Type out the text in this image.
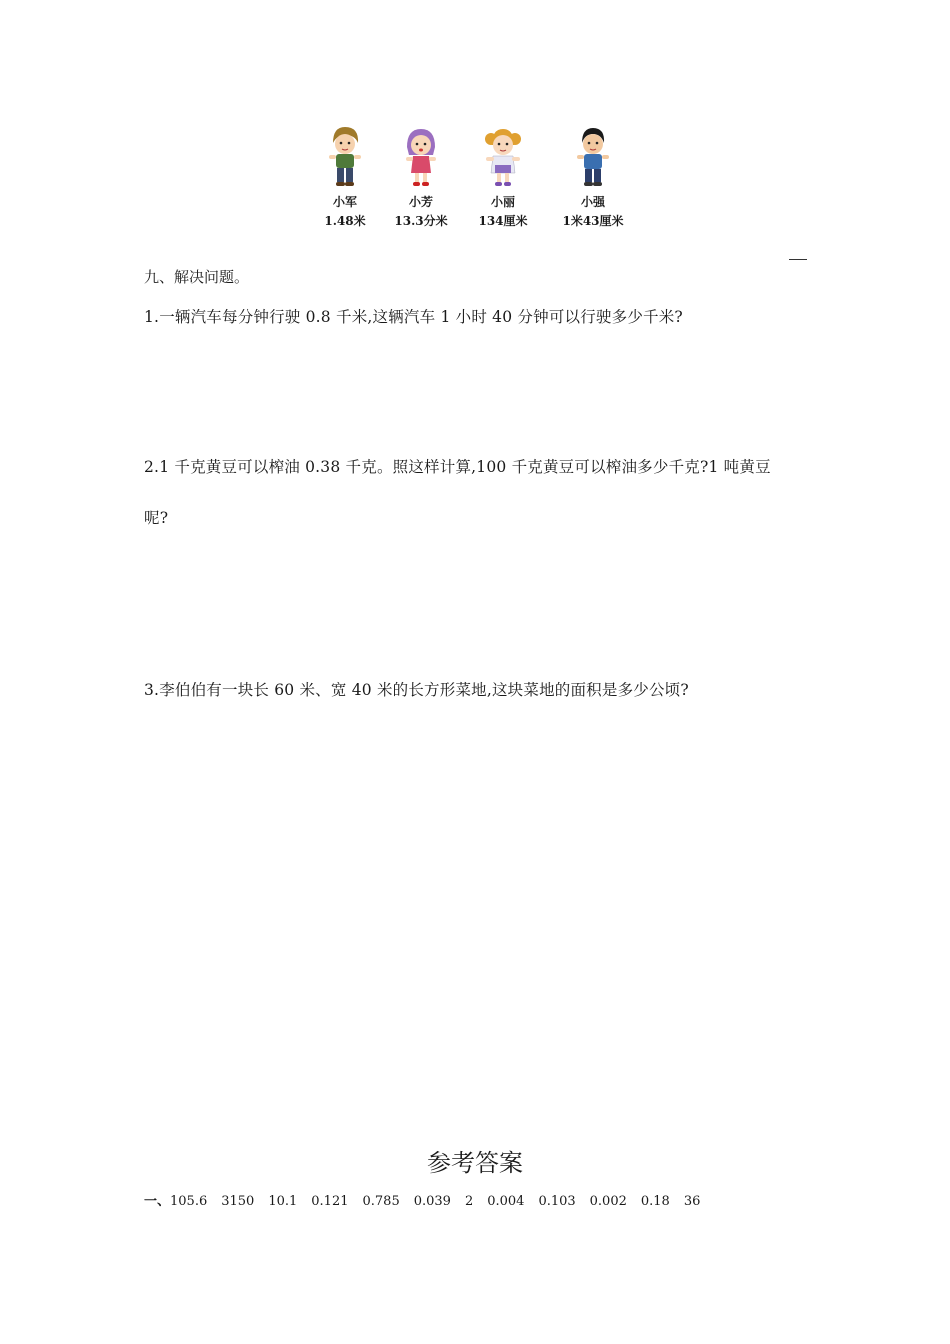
小军
1.48米
小芳
13.3分米
小丽
134厘米
小强
1米43厘米
九、解决问题。
1.一辆汽车每分钟行驶 0.8 千米,这辆汽车 1 小时 40 分钟可以行驶多少千米?
2.1 千克黄豆可以榨油 0.38 千克。照这样计算,100 千克黄豆可以榨油多少千克?1 吨黄豆
呢?
3.李伯伯有一块长 60 米、宽 40 米的长方形菜地,这块菜地的面积是多少公顷?
参考答案
一、105.6 3150 10.1 0.121 0.785 0.039 2 0.004 0.103 0.002 0.18 36
